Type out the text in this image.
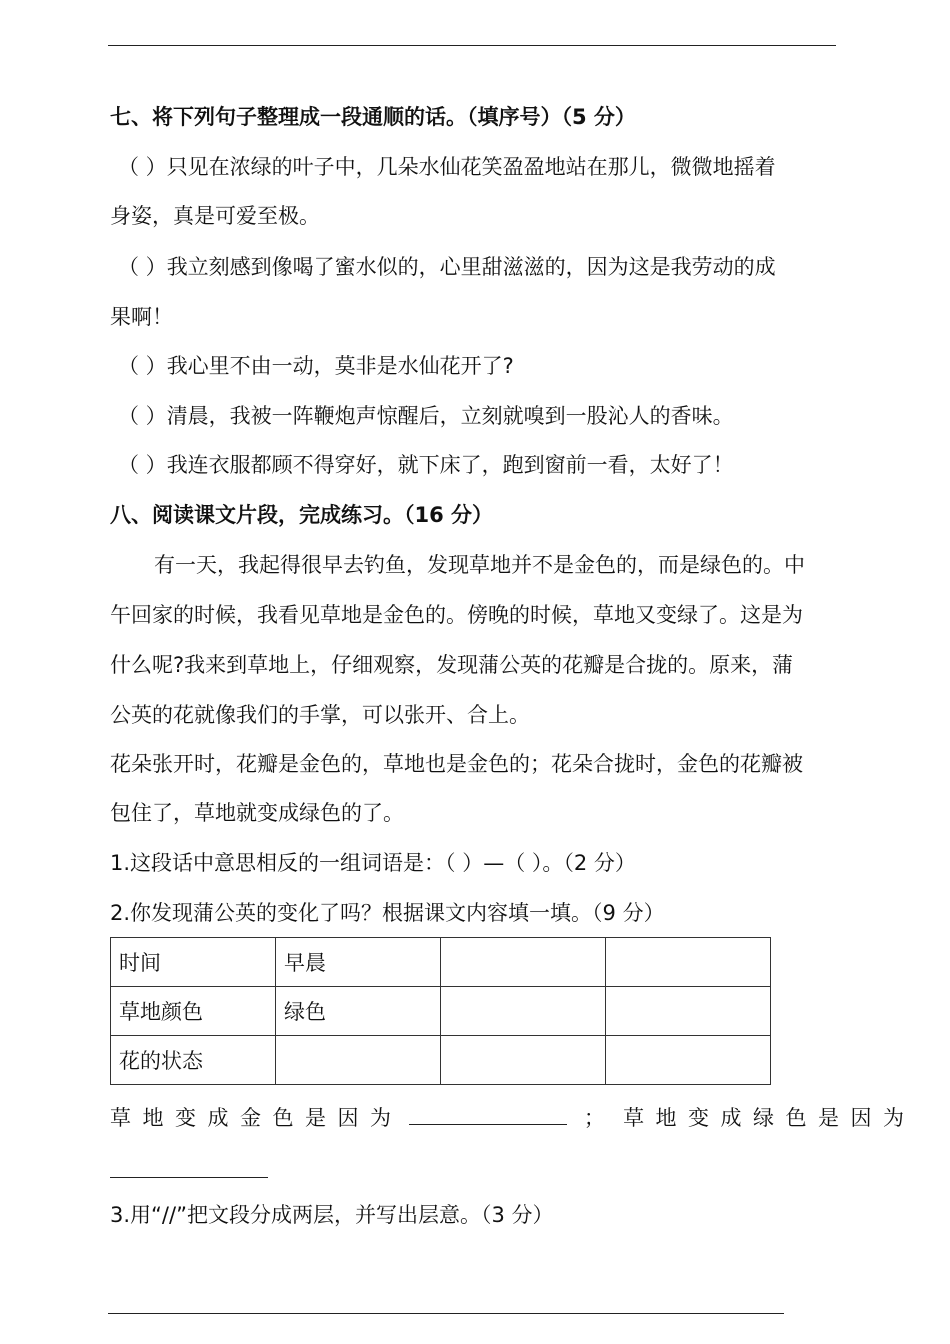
七、将下列句子整理成一段通顺的话。（填序号）（5 分）
（ ）只见在浓绿的叶子中，几朵水仙花笑盈盈地站在那儿，微微地摇着
身姿，真是可爱至极。
（ ）我立刻感到像喝了蜜水似的，心里甜滋滋的，因为这是我劳动的成
果啊！
（ ）我心里不由一动，莫非是水仙花开了?
（ ）清晨，我被一阵鞭炮声惊醒后，立刻就嗅到一股沁人的香味。
（ ）我连衣服都顾不得穿好，就下床了，跑到窗前一看，太好了！
八、阅读课文片段，完成练习。（16 分）
有一天，我起得很早去钓鱼，发现草地并不是金色的，而是绿色的。中
午回家的时候，我看见草地是金色的。傍晚的时候，草地又变绿了。这是为
什么呢?我来到草地上，仔细观察，发现蒲公英的花瓣是合拢的。原来，蒲
公英的花就像我们的手掌，可以张开、合上。
花朵张开时，花瓣是金色的，草地也是金色的；花朵合拢时，金色的花瓣被
包住了，草地就变成绿色的了。
1.这段话中意思相反的一组词语是：（ ）—（ ）。（2 分）
2.你发现蒲公英的变化了吗？根据课文内容填一填。（9 分）
时间	早晨		
草地颜色	绿色		
花的状态			
草地变成金色是因为	； 草地变成绿色是因为
3.用“//”把文段分成两层，并写出层意。（3 分）
